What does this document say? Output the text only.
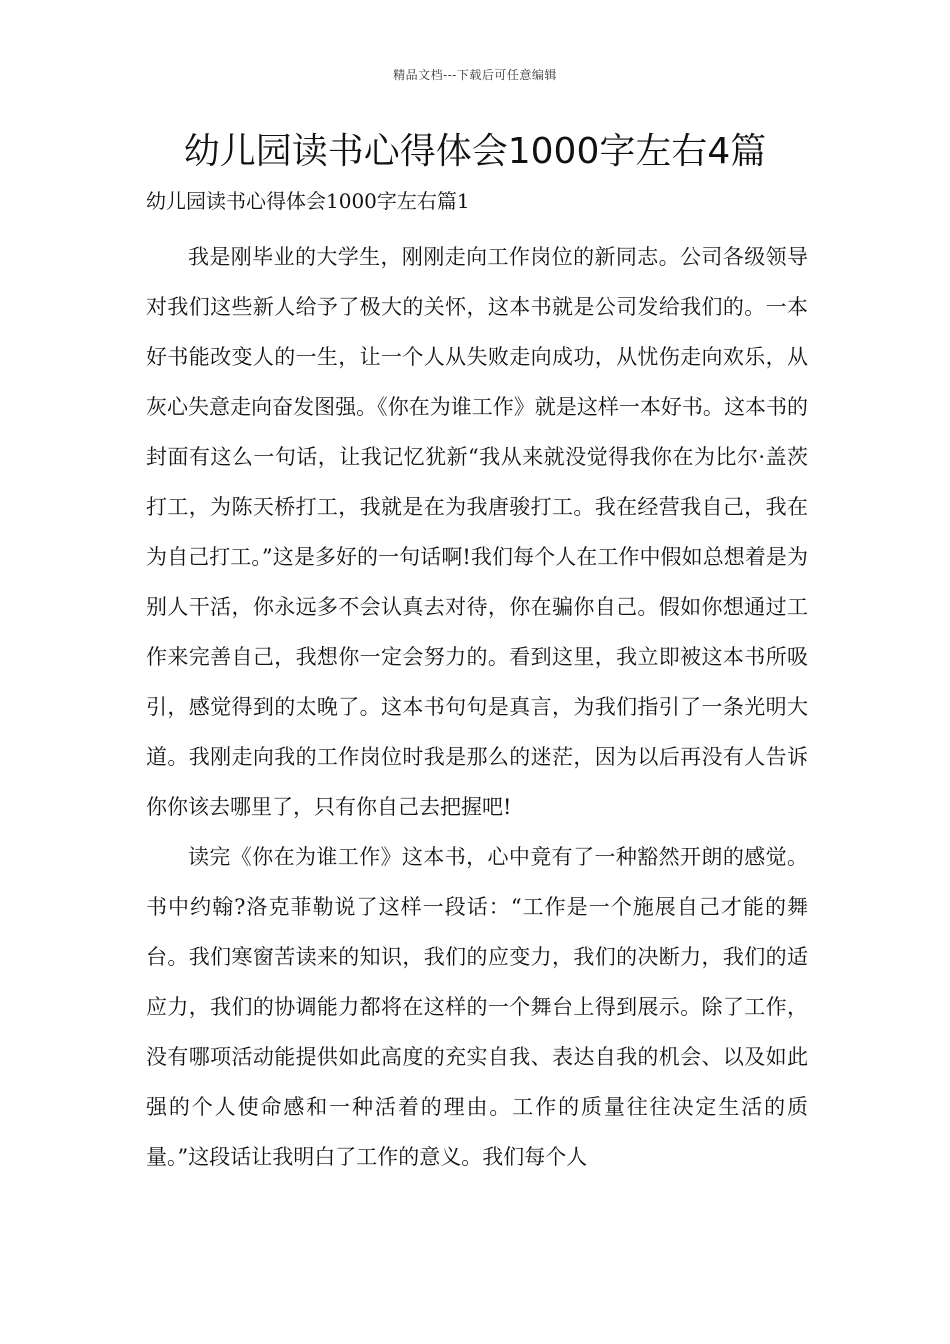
精品文档---下载后可任意编辑
幼儿园读书心得体会1000字左右4篇
幼儿园读书心得体会1000字左右篇1

我是刚毕业的大学生，刚刚走向工作岗位的新同志。公司各级领导对我们这些新人给予了极大的关怀，这本书就是公司发给我们的。一本好书能改变人的一生，让一个人从失败走向成功，从忧伤走向欢乐，从灰心失意走向奋发图强。《你在为谁工作》就是这样一本好书。这本书的封面有这么一句话，让我记忆犹新“我从来就没觉得我你在为比尔·盖茨打工，为陈天桥打工，我就是在为我唐骏打工。我在经营我自己，我在为自己打工。”这是多好的一句话啊!我们每个人在工作中假如总想着是为别人干活，你永远多不会认真去对待，你在骗你自己。假如你想通过工作来完善自己，我想你一定会努力的。看到这里，我立即被这本书所吸引，感觉得到的太晚了。这本书句句是真言，为我们指引了一条光明大道。我刚走向我的工作岗位时我是那么的迷茫，因为以后再没有人告诉你你该去哪里了，只有你自己去把握吧!

读完《你在为谁工作》这本书，心中竟有了一种豁然开朗的感觉。书中约翰?洛克菲勒说了这样一段话：“工作是一个施展自己才能的舞台。我们寒窗苦读来的知识，我们的应变力，我们的决断力，我们的适应力，我们的协调能力都将在这样的一个舞台上得到展示。除了工作，没有哪项活动能提供如此高度的充实自我、表达自我的机会、以及如此强的个人使命感和一种活着的理由。工作的质量往往决定生活的质量。”这段话让我明白了工作的意义。我们每个人
